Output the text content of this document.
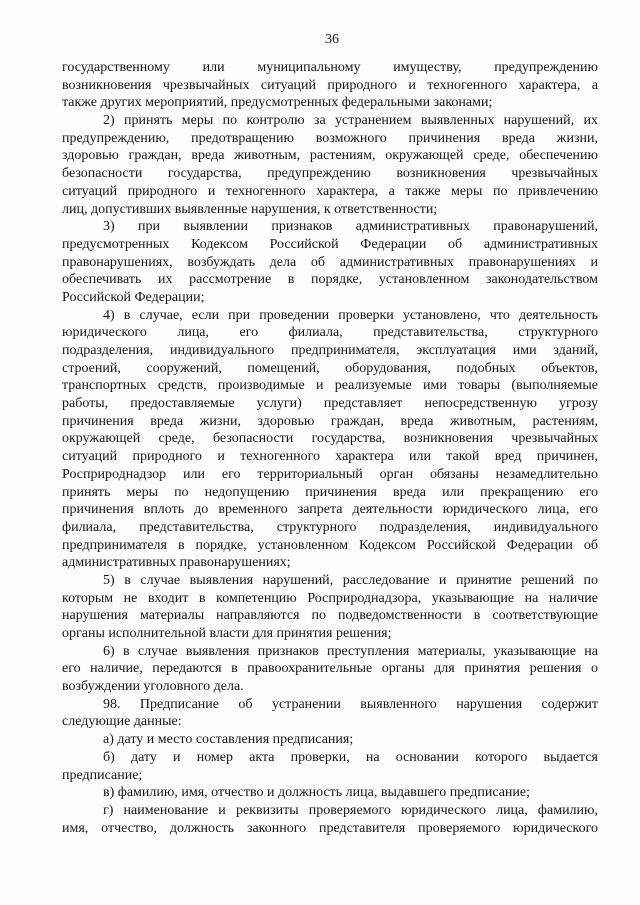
36
государственному или муниципальному имуществу, предупреждению
возникновения чрезвычайных ситуаций природного и техногенного характера, а
также других мероприятий, предусмотренных федеральными законами;
2) принять меры по контролю за устранением выявленных нарушений, их
предупреждению, предотвращению возможного причинения вреда жизни,
здоровью граждан, вреда животным, растениям, окружающей среде, обеспечению
безопасности государства, предупреждению возникновения чрезвычайных
ситуаций природного и техногенного характера, а также меры по привлечению
лиц, допустивших выявленные нарушения, к ответственности;
3) при выявлении признаков административных правонарушений,
предусмотренных Кодексом Российской Федерации об административных
правонарушениях, возбуждать дела об административных правонарушениях и
обеспечивать их рассмотрение в порядке, установленном законодательством
Российской Федерации;
4) в случае, если при проведении проверки установлено, что деятельность
юридического лица, его филиала, представительства, структурного
подразделения, индивидуального предпринимателя, эксплуатация ими зданий,
строений, сооружений, помещений, оборудования, подобных объектов,
транспортных средств, производимые и реализуемые ими товары (выполняемые
работы, предоставляемые услуги) представляет непосредственную угрозу
причинения вреда жизни, здоровью граждан, вреда животным, растениям,
окружающей среде, безопасности государства, возникновения чрезвычайных
ситуаций природного и техногенного характера или такой вред причинен,
Росприроднадзор или его территориальный орган обязаны незамедлительно
принять меры по недопущению причинения вреда или прекращению его
причинения вплоть до временного запрета деятельности юридического лица, его
филиала, представительства, структурного подразделения, индивидуального
предпринимателя в порядке, установленном Кодексом Российской Федерации об
административных правонарушениях;
5) в случае выявления нарушений, расследование и принятие решений по
которым не входит в компетенцию Росприроднадзора, указывающие на наличие
нарушения материалы направляются по подведомственности в соответствующие
органы исполнительной власти для принятия решения;
6) в случае выявления признаков преступления материалы, указывающие на
его наличие, передаются в правоохранительные органы для принятия решения о
возбуждении уголовного дела.
98. Предписание об устранении выявленного нарушения содержит
следующие данные:
а) дату и место составления предписания;
б) дату и номер акта проверки, на основании которого выдается
предписание;
в) фамилию, имя, отчество и должность лица, выдавшего предписание;
г) наименование и реквизиты проверяемого юридического лица, фамилию,
имя, отчество, должность законного представителя проверяемого юридического
